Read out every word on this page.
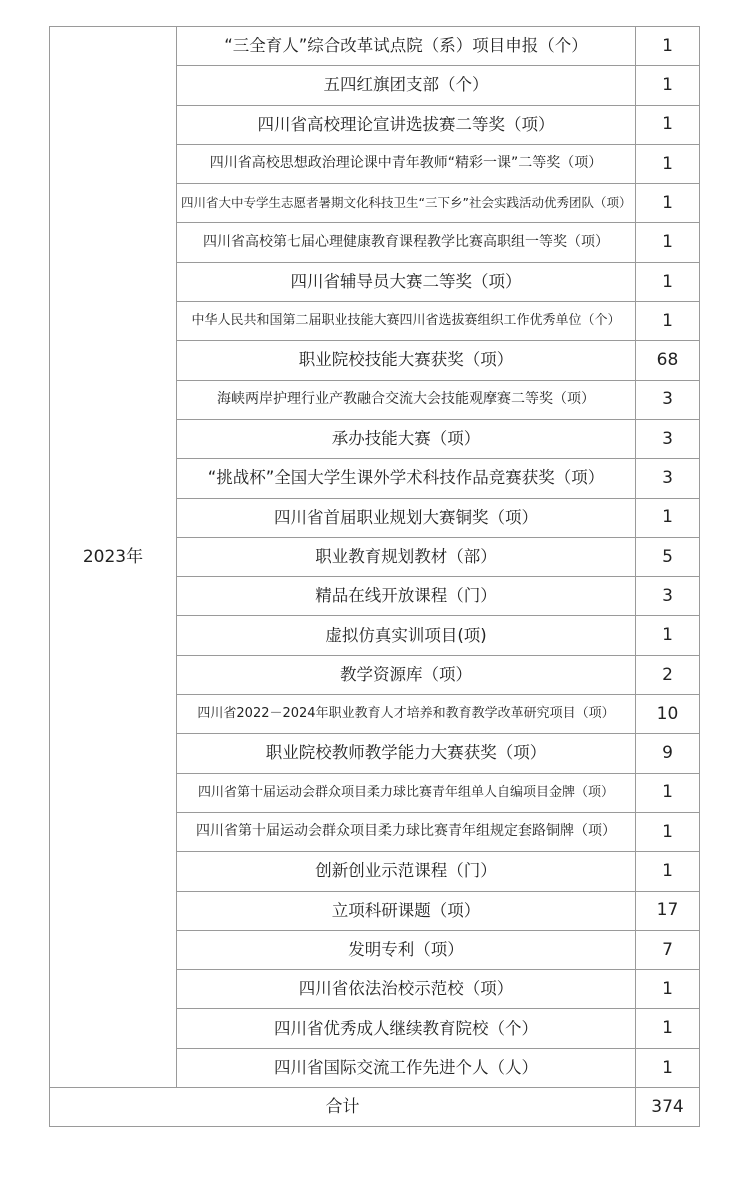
2023年	“三全育人”综合改革试点院（系）项目申报（个）	1
	五四红旗团支部（个）	1
	四川省高校理论宣讲选拔赛二等奖（项）	1
	四川省高校思想政治理论课中青年教师“精彩一课”二等奖（项）	1
	四川省大中专学生志愿者暑期文化科技卫生“三下乡”社会实践活动优秀团队（项）	1
	四川省高校第七届心理健康教育课程教学比赛高职组一等奖（项）	1
	四川省辅导员大赛二等奖（项）	1
	中华人民共和国第二届职业技能大赛四川省选拔赛组织工作优秀单位（个）	1
	职业院校技能大赛获奖（项）	68
	海峡两岸护理行业产教融合交流大会技能观摩赛二等奖（项）	3
	承办技能大赛（项）	3
	“挑战杯”全国大学生课外学术科技作品竞赛获奖（项）	3
	四川省首届职业规划大赛铜奖（项）	1
	职业教育规划教材（部）	5
	精品在线开放课程（门）	3
	虚拟仿真实训项目(项)	1
	教学资源库（项）	2
	四川省2022－2024年职业教育人才培养和教育教学改革研究项目（项）	10
	职业院校教师教学能力大赛获奖（项）	9
	四川省第十届运动会群众项目柔力球比赛青年组单人自编项目金牌（项）	1
	四川省第十届运动会群众项目柔力球比赛青年组规定套路铜牌（项）	1
	创新创业示范课程（门）	1
	立项科研课题（项）	17
	发明专利（项）	7
	四川省依法治校示范校（项）	1
	四川省优秀成人继续教育院校（个）	1
	四川省国际交流工作先进个人（人）	1
合计		374
